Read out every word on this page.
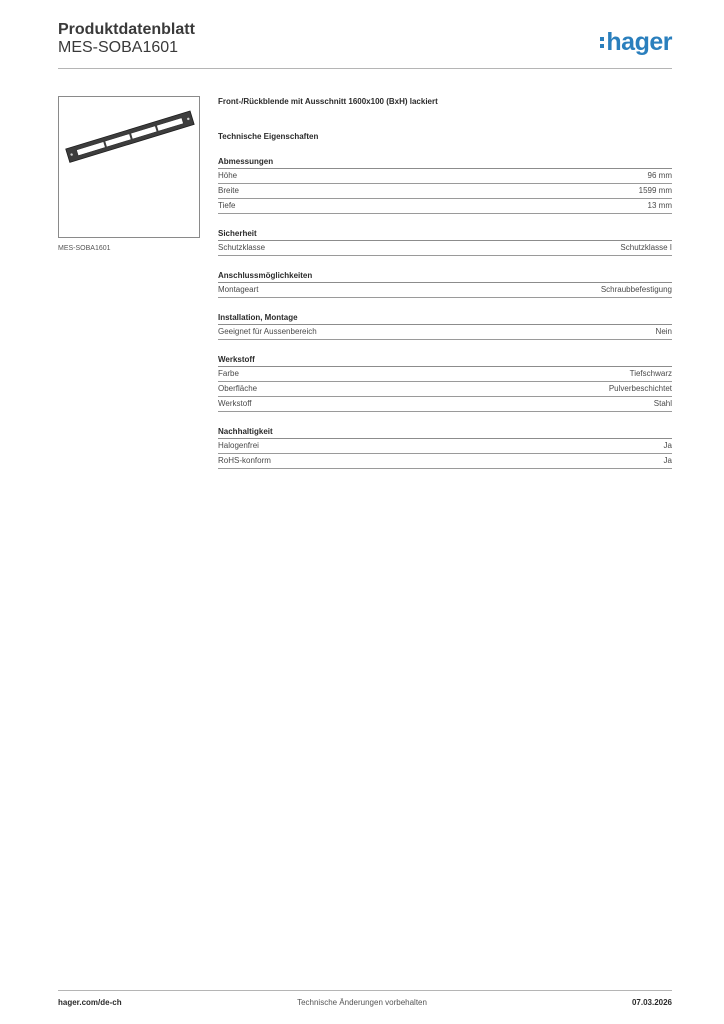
Produktdatenblatt
MES-SOBA1601	hager
MES-SOBA1601
Front-/Rückblende mit Ausschnitt 1600x100 (BxH) lackiert
Technische Eigenschaften
Abmessungen
Höhe	96 mm
Breite	1599 mm
Tiefe	13 mm
Sicherheit
Schutzklasse	Schutzklasse I
Anschlussmöglichkeiten
Montageart	Schraubbefestigung
Installation, Montage
Geeignet für Aussenbereich	Nein
Werkstoff
Farbe	Tiefschwarz
Oberfläche	Pulverbeschichtet
Werkstoff	Stahl
Nachhaltigkeit
Halogenfrei	Ja
RoHS-konform	Ja
hager.com/de-ch	Technische Änderungen vorbehalten	07.03.2026
